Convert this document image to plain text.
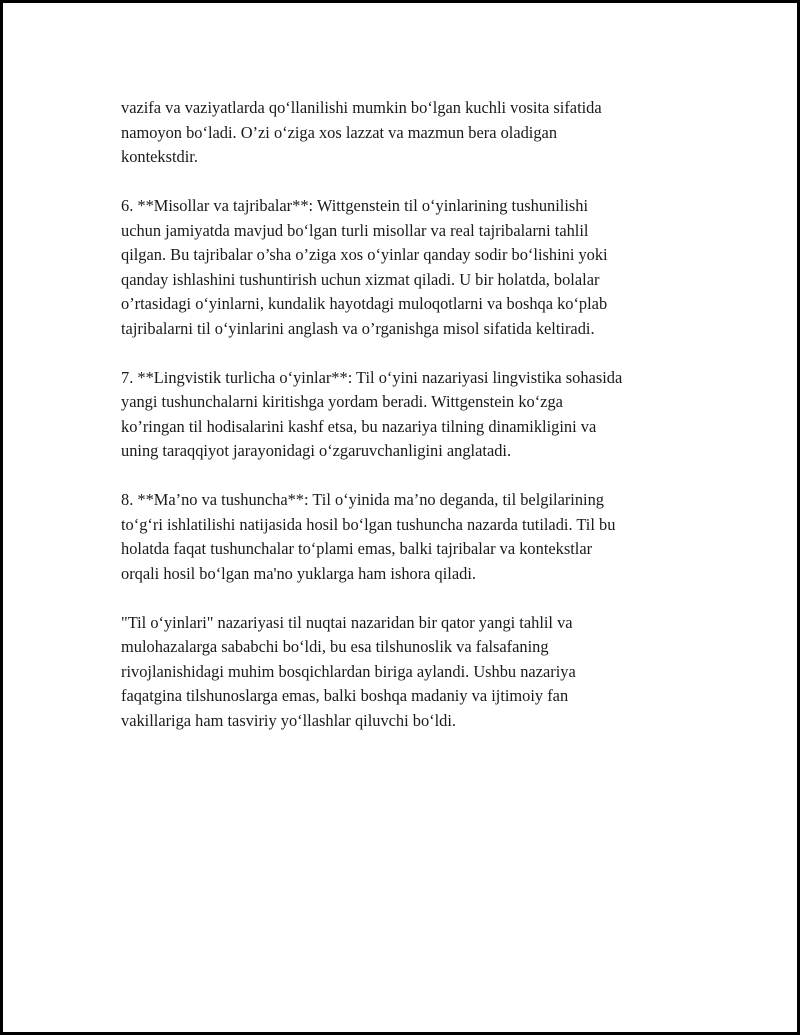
vazifa va vaziyatlarda qo‘llanilishi mumkin bo‘lgan kuchli vosita sifatida
namoyon bo‘ladi. O’zi o‘ziga xos lazzat va mazmun bera oladigan
kontekstdir.

6. **Misollar va tajribalar**: Wittgenstein til o‘yinlarining tushunilishi
uchun jamiyatda mavjud bo‘lgan turli misollar va real tajribalarni tahlil
qilgan. Bu tajribalar o’sha o’ziga xos o‘yinlar qanday sodir bo‘lishini yoki
qanday ishlashini tushuntirish uchun xizmat qiladi. U bir holatda, bolalar
o’rtasidagi o‘yinlarni, kundalik hayotdagi muloqotlarni va boshqa ko‘plab
tajribalarni til o‘yinlarini anglash va o’rganishga misol sifatida keltiradi.

7. **Lingvistik turlicha o‘yinlar**: Til o‘yini nazariyasi lingvistika sohasida
yangi tushunchalarni kiritishga yordam beradi. Wittgenstein ko‘zga
ko’ringan til hodisalarini kashf etsa, bu nazariya tilning dinamikligini va
uning taraqqiyot jarayonidagi o‘zgaruvchanligini anglatadi.

8. **Ma’no va tushuncha**: Til o‘yinida ma’no deganda, til belgilarining
to‘g‘ri ishlatilishi natijasida hosil bo‘lgan tushuncha nazarda tutiladi. Til bu
holatda faqat tushunchalar to‘plami emas, balki tajribalar va kontekstlar
orqali hosil bo‘lgan ma'no yuklarga ham ishora qiladi.

"Til o‘yinlari" nazariyasi til nuqtai nazaridan bir qator yangi tahlil va
mulohazalarga sababchi bo‘ldi, bu esa tilshunoslik va falsafaning
rivojlanishidagi muhim bosqichlardan biriga aylandi. Ushbu nazariya
faqatgina tilshunoslarga emas, balki boshqa madaniy va ijtimoiy fan
vakillariga ham tasviriy yo‘llashlar qiluvchi bo‘ldi.
